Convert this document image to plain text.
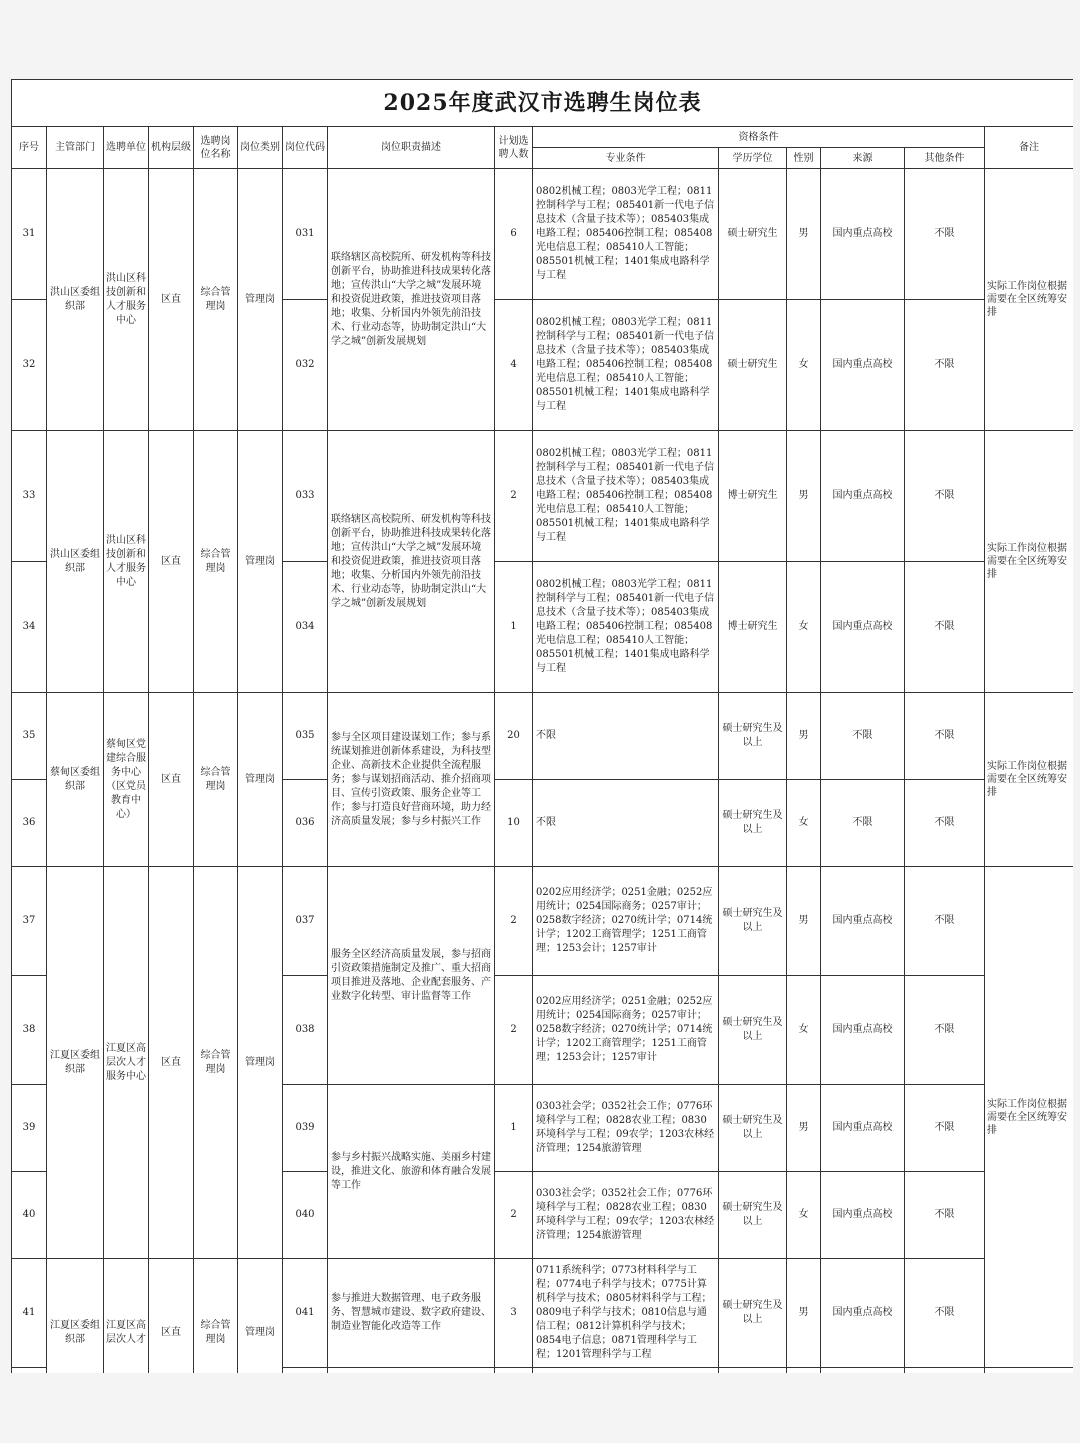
2025年度武汉市选聘生岗位表														
序号	主管部门	选聘单位	机构层级	选聘岗位名称	岗位类别	岗位代码	岗位职责描述	计划选聘人数	资格条件					备注
									专业条件	学历学位	性别	来源	其他条件	
31	洪山区委组织部	洪山区科技创新和人才服务中心	区直	综合管理岗	管理岗	031	联络辖区高校院所、研发机构等科技创新平台，协助推进科技成果转化落地；宣传洪山“大学之城”发展环境和投资促进政策，推进技资项目落地；收集、分析国内外领先前沿技术、行业动态等，协助制定洪山“大学之城”创新发展规划	6	0802机械工程；0803光学工程；0811控制科学与工程；085401新一代电子信息技术（含量子技术等）；085403集成电路工程；085406控制工程；085408光电信息工程；085410人工智能；085501机械工程；1401集成电路科学与工程	硕士研究生	男	国内重点高校	不限	实际工作岗位根据需要在全区统筹安排
32						032		4	0802机械工程；0803光学工程；0811控制科学与工程；085401新一代电子信息技术（含量子技术等）；085403集成电路工程；085406控制工程；085408光电信息工程；085410人工智能；085501机械工程；1401集成电路科学与工程	硕士研究生	女	国内重点高校	不限	
33	洪山区委组织部	洪山区科技创新和人才服务中心	区直	综合管理岗	管理岗	033	联络辖区高校院所、研发机构等科技创新平台，协助推进科技成果转化落地；宣传洪山“大学之城”发展环境和投资促进政策，推进技资项目落地；收集、分析国内外领先前沿技术、行业动态等，协助制定洪山“大学之城”创新发展规划	2	0802机械工程；0803光学工程；0811控制科学与工程；085401新一代电子信息技术（含量子技术等）；085403集成电路工程；085406控制工程；085408光电信息工程；085410人工智能；085501机械工程；1401集成电路科学与工程	博士研究生	男	国内重点高校	不限	实际工作岗位根据需要在全区统筹安排
34						034		1	0802机械工程；0803光学工程；0811控制科学与工程；085401新一代电子信息技术（含量子技术等）；085403集成电路工程；085406控制工程；085408光电信息工程；085410人工智能；085501机械工程；1401集成电路科学与工程	博士研究生	女	国内重点高校	不限	
35	蔡甸区委组织部	蔡甸区党建综合服务中心（区党员教育中心）	区直	综合管理岗	管理岗	035	参与全区项目建设谋划工作；参与系统谋划推进创新体系建设，为科技型企业、高新技术企业提供全流程服务；参与谋划招商活动、推介招商项目、宣传引资政策、服务企业等工作；参与打造良好营商环境，助力经济高质量发展；参与乡村振兴工作	20	不限	硕士研究生及以上	男	不限	不限	实际工作岗位根据需要在全区统筹安排
36						036		10	不限	硕士研究生及以上	女	不限	不限	
37	江夏区委组织部	江夏区高层次人才服务中心	区直	综合管理岗	管理岗	037	服务全区经济高质量发展，参与招商引资政策措施制定及推广、重大招商项目推进及落地、企业配套服务、产业数字化转型、审计监督等工作	2	0202应用经济学；0251金融；0252应用统计；0254国际商务；0257审计；0258数字经济；0270统计学；0714统计学；1202工商管理学；1251工商管理；1253会计；1257审计	硕士研究生及以上	男	国内重点高校	不限	实际工作岗位根据需要在全区统筹安排
38						038		2	0202应用经济学；0251金融；0252应用统计；0254国际商务；0257审计；0258数字经济；0270统计学；0714统计学；1202工商管理学；1251工商管理；1253会计；1257审计	硕士研究生及以上	女	国内重点高校	不限	
39						039	参与乡村振兴战略实施、美丽乡村建设，推进文化、旅游和体育融合发展等工作	1	0303社会学；0352社会工作；0776环境科学与工程；0828农业工程；0830环境科学与工程；09农学；1203农林经济管理；1254旅游管理	硕士研究生及以上	男	国内重点高校	不限	
40						040		2	0303社会学；0352社会工作；0776环境科学与工程；0828农业工程；0830环境科学与工程；09农学；1203农林经济管理；1254旅游管理	硕士研究生及以上	女	国内重点高校	不限	
41	江夏区委组织部	江夏区高层次人才	区直	综合管理岗	管理岗	041	参与推进大数据管理、电子政务服务、智慧城市建设、数字政府建设、制造业智能化改造等工作	3	0711系统科学；0773材料科学与工程；0774电子科学与技术；0775计算机科学与技术；0805材料科学与工程；0809电子科学与技术；0810信息与通信工程；0812计算机科学与技术；0854电子信息；0871管理科学与工程；1201管理科学与工程	硕士研究生及以上	男	国内重点高校	不限	
